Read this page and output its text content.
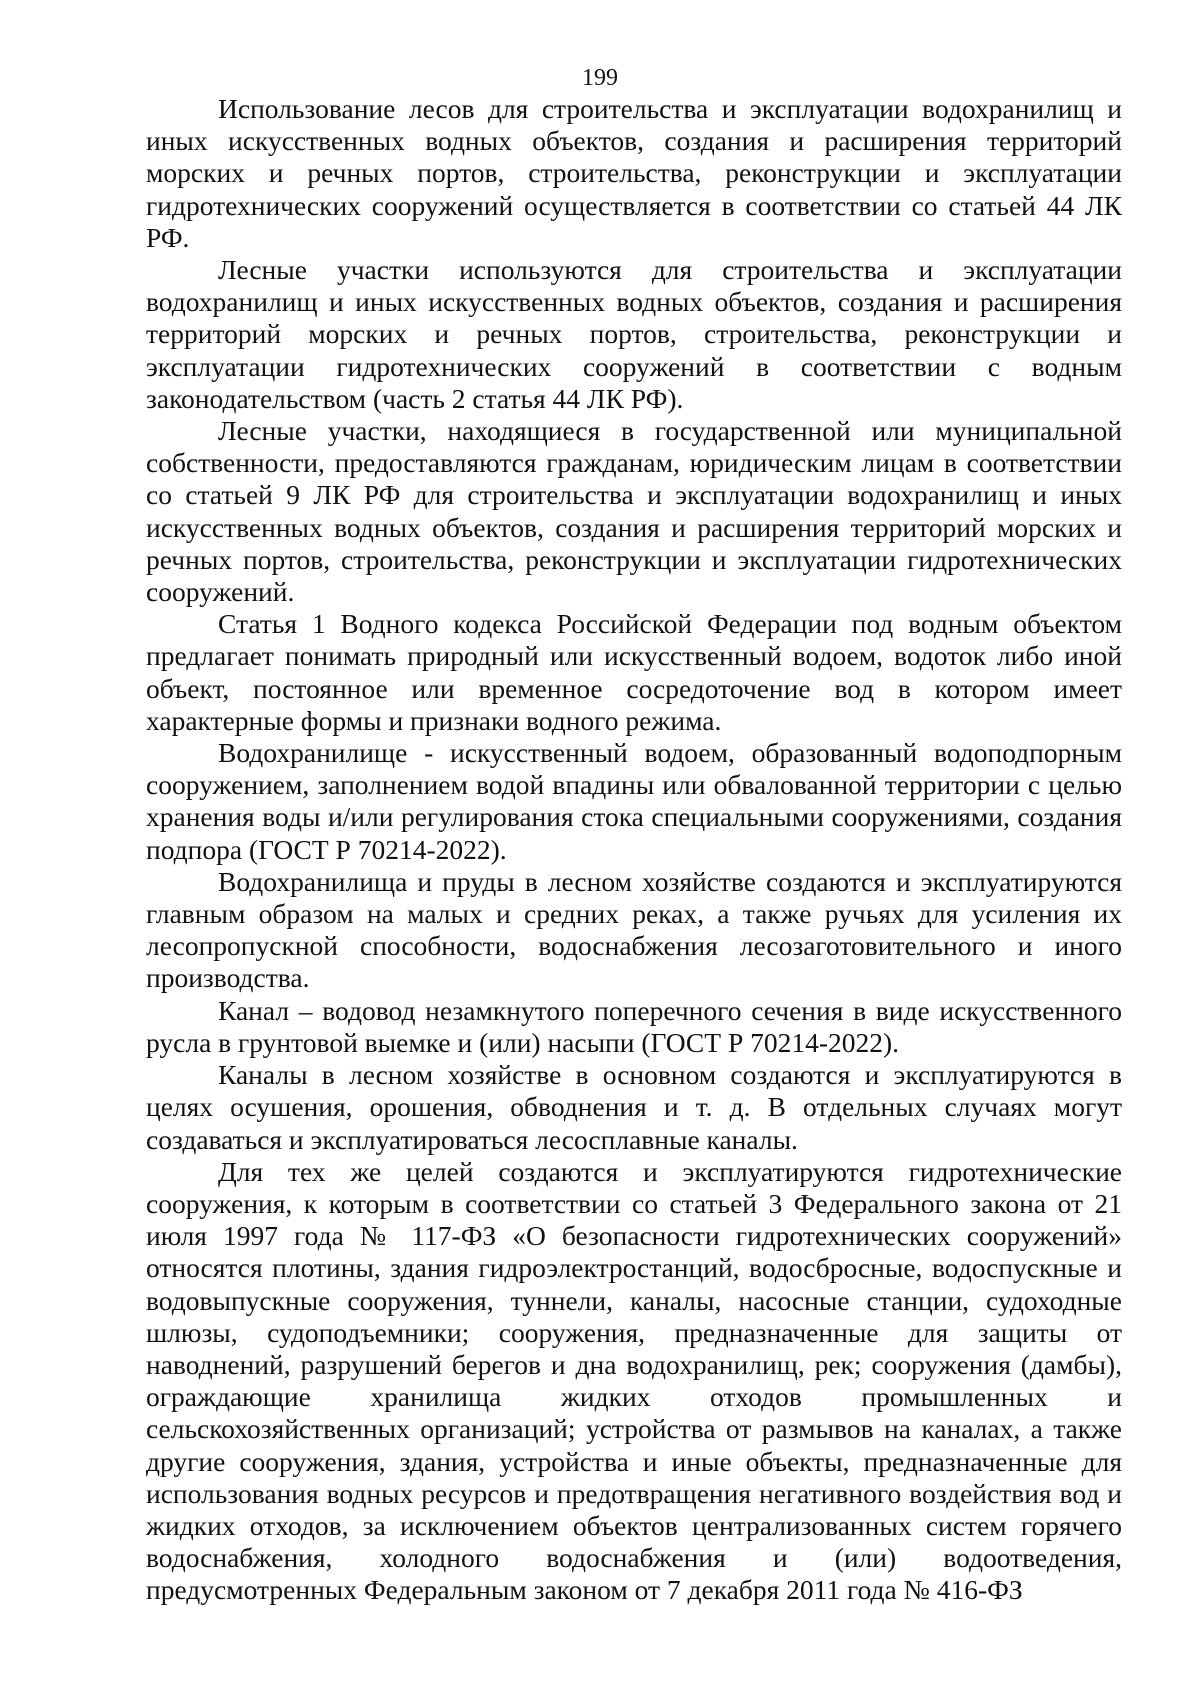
199

Использование лесов для строительства и эксплуатации водохранилищ и иных искусственных водных объектов, создания и расширения территорий морских и речных портов, строительства, реконструкции и эксплуатации гидротехнических сооружений осуществляется в соответствии со статьей 44 ЛК РФ.

Лесные участки используются для строительства и эксплуатации водохранилищ и иных искусственных водных объектов, создания и расширения территорий морских и речных портов, строительства, реконструкции и эксплуатации гидротехнических сооружений в соответствии с водным законодательством (часть 2 статья 44 ЛК РФ).

Лесные участки, находящиеся в государственной или муниципальной собственности, предоставляются гражданам, юридическим лицам в соответствии со статьей 9 ЛК РФ для строительства и эксплуатации водохранилищ и иных искусственных водных объектов, создания и расширения территорий морских и речных портов, строительства, реконструкции и эксплуатации гидротехнических сооружений.

Статья 1 Водного кодекса Российской Федерации под водным объектом предлагает понимать природный или искусственный водоем, водоток либо иной объект, постоянное или временное сосредоточение вод в котором имеет характерные формы и признаки водного режима.

Водохранилище - искусственный водоем, образованный водоподпорным сооружением, заполнением водой впадины или обвалованной территории с целью хранения воды и/или регулирования стока специальными сооружениями, создания подпора (ГОСТ Р 70214-2022).

Водохранилища и пруды в лесном хозяйстве создаются и эксплуатируются главным образом на малых и средних реках, а также ручьях для усиления их лесопропускной способности, водоснабжения лесозаготовительного и иного производства.

Канал – водовод незамкнутого поперечного сечения в виде искусственного русла в грунтовой выемке и (или) насыпи (ГОСТ Р 70214-2022).

Каналы в лесном хозяйстве в основном создаются и эксплуатируются в целях осушения, орошения, обводнения и т. д. В отдельных случаях могут создаваться и эксплуатироваться лесосплавные каналы.

Для тех же целей создаются и эксплуатируются гидротехнические сооружения, к которым в соответствии со статьей 3 Федерального закона от 21 июля 1997 года № 117-ФЗ «О безопасности гидротехнических сооружений» относятся плотины, здания гидроэлектростанций, водосбросные, водоспускные и водовыпускные сооружения, туннели, каналы, насосные станции, судоходные шлюзы, судоподъемники; сооружения, предназначенные для защиты от наводнений, разрушений берегов и дна водохранилищ, рек; сооружения (дамбы), ограждающие хранилища жидких отходов промышленных и сельскохозяйственных организаций; устройства от размывов на каналах, а также другие сооружения, здания, устройства и иные объекты, предназначенные для использования водных ресурсов и предотвращения негативного воздействия вод и жидких отходов, за исключением объектов централизованных систем горячего водоснабжения, холодного водоснабжения и (или) водоотведения, предусмотренных Федеральным законом от 7 декабря 2011 года № 416-ФЗ
